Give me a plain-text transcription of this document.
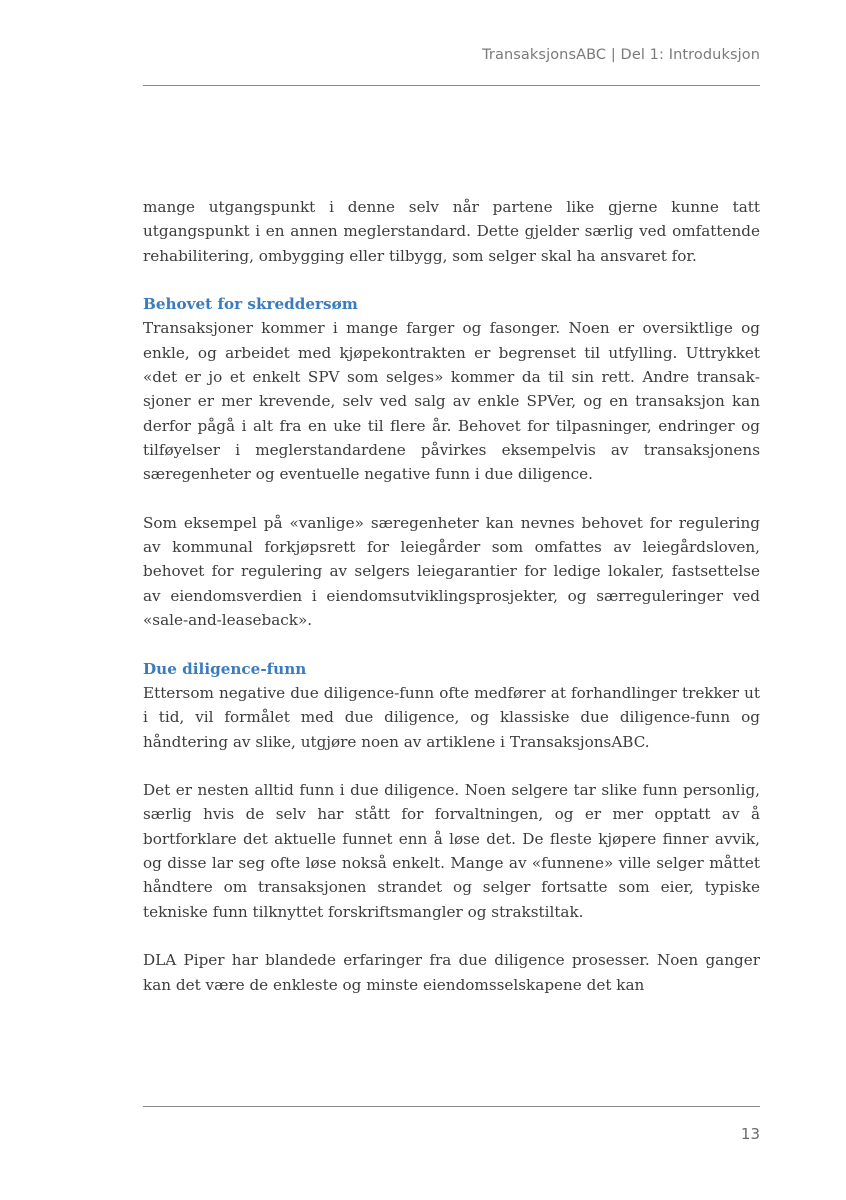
TransaksjonsABC | Del 1: Introduksjon

mange utgangspunkt i denne selv når partene like gjerne kunne tatt utgangspunkt i en annen meglerstandard. Dette gjelder særlig ved omfattende rehabilitering, ombygging eller tilbygg, som selger skal ha ansvaret for.

Behovet for skreddersøm

Transaksjoner kommer i mange farger og fasonger. Noen er oversiktlige og enkle, og arbeidet med kjøpekontrakten er begrenset til utfylling. Uttrykket «det er jo et enkelt SPV som selges» kommer da til sin rett. Andre transaksjoner er mer krevende, selv ved salg av enkle SPVer, og en transaksjon kan derfor pågå i alt fra en uke til flere år. Behovet for tilpasninger, endringer og tilføyelser i meglerstandardene påvirkes eksempelvis av transaksjonens særegenheter og eventuelle negative funn i due diligence.

Som eksempel på «vanlige» særegenheter kan nevnes behovet for regulering av kommunal forkjøpsrett for leiegårder som omfattes av leiegårdsloven, behovet for regulering av selgers leiegarantier for ledige lokaler, fastsettelse av eiendomsverdien i eiendomsutviklingsprosjekter, og særreguleringer ved «sale-and-leaseback».

Due diligence-funn

Ettersom negative due diligence-funn ofte medfører at forhandlinger trekker ut i tid, vil formålet med due diligence, og klassiske due diligence-funn og håndtering av slike, utgjøre noen av artiklene i TransaksjonsABC.

Det er nesten alltid funn i due diligence. Noen selgere tar slike funn personlig, særlig hvis de selv har stått for forvaltningen, og er mer opptatt av å bortforklare det aktuelle funnet enn å løse det. De fleste kjøpere finner avvik, og disse lar seg ofte løse nokså enkelt. Mange av «funnene» ville selger måttet håndtere om transaksjonen strandet og selger fortsatte som eier, typiske tekniske funn tilknyttet forskriftsmangler og strakstiltak.

DLA Piper har blandede erfaringer fra due diligence prosesser. Noen ganger kan det være de enkleste og minste eiendomsselskapene det kan

13
